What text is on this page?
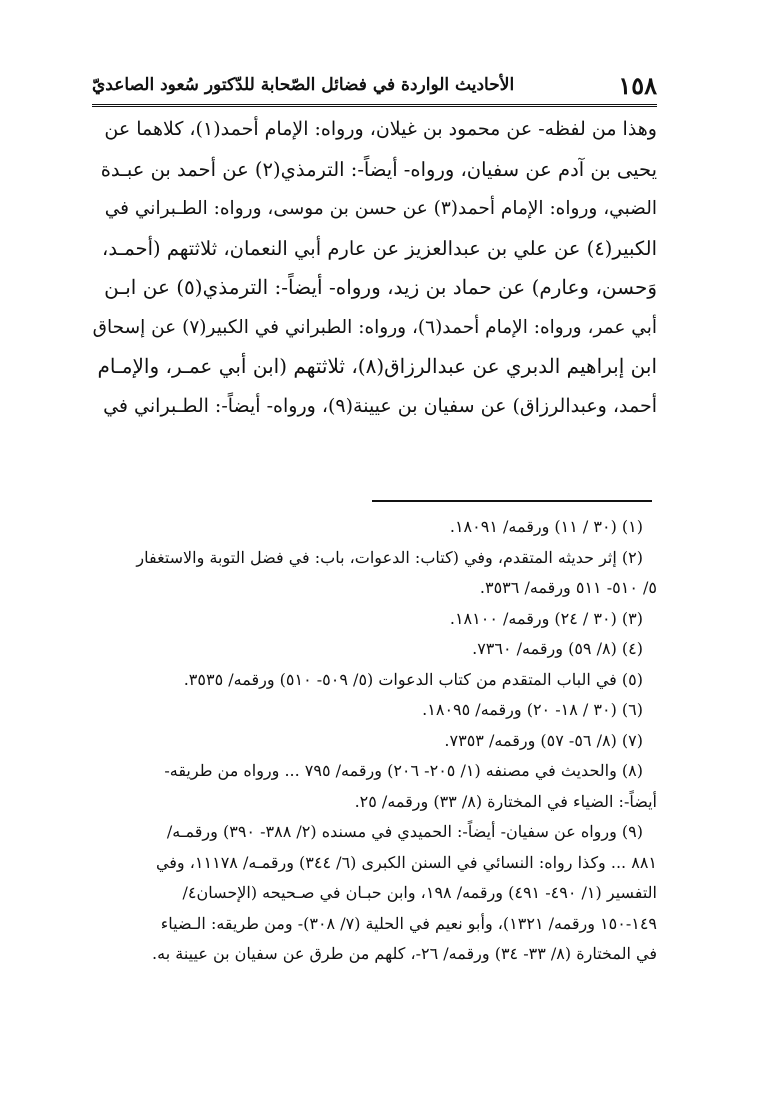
١٥٨
الأحاديث الواردة في فضائل الصّحابة للدّكتور سُعود الصاعديّ
وهذا من لفظه- عن محمود بن غيلان، ورواه: الإمام أحمد(١)، كلاهما عن
يحيى بن آدم عن سفيان، ورواه- أيضاً-: الترمذي(٢) عن أحمد بن عبـدة
الضبي، ورواه: الإمام أحمد(٣) عن حسن بن موسى، ورواه: الطـبراني في
الكبير(٤) عن علي بن عبدالعزيز عن عارم أبي النعمان، ثلاثتهم (أحمـد،
وَحسن، وعارم) عن حماد بن زيد، ورواه- أيضاً-: الترمذي(٥) عن ابـن
أبي عمر، ورواه: الإمام أحمد(٦)، ورواه: الطبراني في الكبير(٧) عن إسحاق
ابن إبراهيم الدبري عن عبدالرزاق(٨)، ثلاثتهم (ابن أبي عمـر، والإمـام
أحمد، وعبدالرزاق) عن سفيان بن عيينة(٩)، ورواه- أيضاً-: الطـبراني في
(١) (٣٠ / ١١) ورقمه/ ١٨٠٩١.
(٢) إثر حديثه المتقدم، وفي (كتاب: الدعوات، باب: في فضل التوبة والاستغفار
٥/ ٥١٠- ٥١١ ورقمه/ ٣٥٣٦.
(٣) (٣٠ / ٢٤) ورقمه/ ١٨١٠٠.
(٤) (٨/ ٥٩) ورقمه/ ٧٣٦٠.
(٥) في الباب المتقدم من كتاب الدعوات (٥/ ٥٠٩- ٥١٠) ورقمه/ ٣٥٣٥.
(٦) (٣٠ / ١٨- ٢٠) ورقمه/ ١٨٠٩٥.
(٧) (٨/ ٥٦- ٥٧) ورقمه/ ٧٣٥٣.
(٨) والحديث في مصنفه (١/ ٢٠٥- ٢٠٦) ورقمه/ ٧٩٥ ... ورواه من طريقه-
أيضاً-: الضياء في المختارة (٨/ ٣٣) ورقمه/ ٢٥.
(٩) ورواه عن سفيان- أيضاً-: الحميدي في مسنده (٢/ ٣٨٨- ٣٩٠) ورقمـه/
٨٨١ ... وكذا رواه: النسائي في السنن الكبرى (٦/ ٣٤٤) ورقمـه/ ١١١٧٨، وفي
التفسير (١/ ٤٩٠- ٤٩١) ورقمه/ ١٩٨، وابن حبـان في صـحيحه (الإحسان٤/
١٤٩-١٥٠ ورقمه/ ١٣٢١)، وأبو نعيم في الحلية (٧/ ٣٠٨)- ومن طريقه: الـضياء
في المختارة (٨/ ٣٣- ٣٤) ورقمه/ ٢٦-، كلهم من طرق عن سفيان بن عيينة به.
